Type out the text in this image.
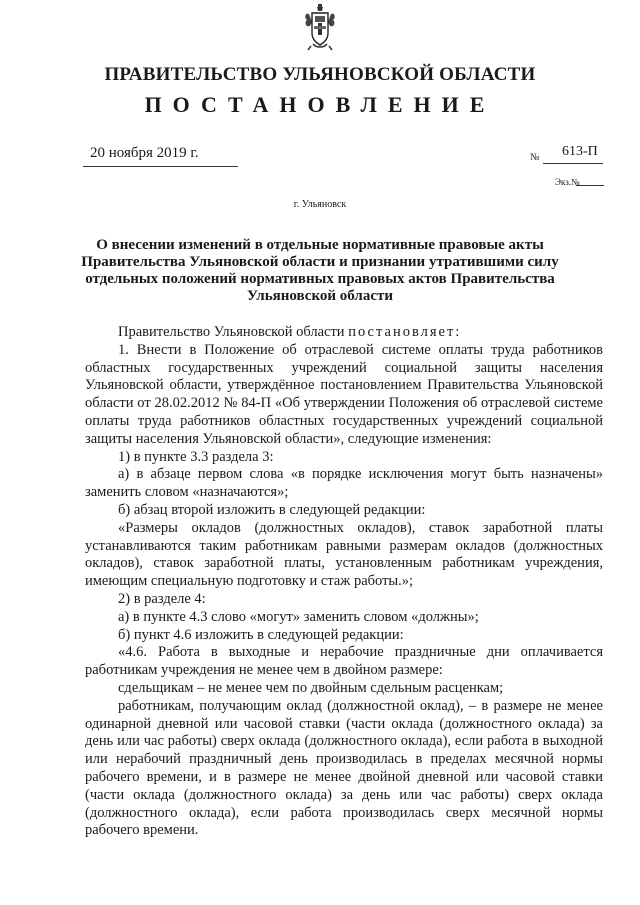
ПРАВИТЕЛЬСТВО УЛЬЯНОВСКОЙ ОБЛАСТИ
ПОСТАНОВЛЕНИЕ
20 ноября 2019 г.	№ 613-П
Экз.№
г. Ульяновск
О внесении изменений в отдельные нормативные правовые акты Правительства Ульяновской области и признании утратившими силу отдельных положений нормативных правовых актов Правительства Ульяновской области

Правительство Ульяновской области постановляет:

1. Внести в Положение об отраслевой системе оплаты труда работников областных государственных учреждений социальной защиты населения Ульяновской области, утверждённое постановлением Правительства Ульяновской области от 28.02.2012 № 84-П «Об утверждении Положения об отраслевой системе оплаты труда работников областных государственных учреждений социальной защиты населения Ульяновской области», следующие изменения:

1) в пункте 3.3 раздела 3:

а) в абзаце первом слова «в порядке исключения могут быть назначены» заменить словом «назначаются»;

б) абзац второй изложить в следующей редакции:

«Размеры окладов (должностных окладов), ставок заработной платы устанавливаются таким работникам равными размерам окладов (должностных окладов), ставок заработной платы, установленным работникам учреждения, имеющим специальную подготовку и стаж работы.»;

2) в разделе 4:

а) в пункте 4.3 слово «могут» заменить словом «должны»;

б) пункт 4.6 изложить в следующей редакции:

«4.6. Работа в выходные и нерабочие праздничные дни оплачивается работникам учреждения не менее чем в двойном размере:

сдельщикам – не менее чем по двойным сдельным расценкам;

работникам, получающим оклад (должностной оклад), – в размере не менее одинарной дневной или часовой ставки (части оклада (должностного оклада) за день или час работы) сверх оклада (должностного оклада), если работа в выходной или нерабочий праздничный день производилась в пределах месячной нормы рабочего времени, и в размере не менее двойной дневной или часовой ставки (части оклада (должностного оклада) за день или час работы) сверх оклада (должностного оклада), если работа производилась сверх месячной нормы рабочего времени.
